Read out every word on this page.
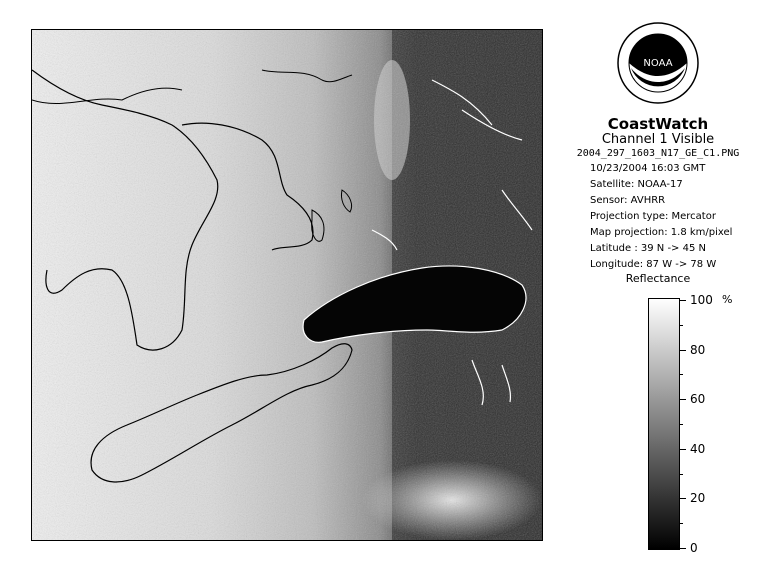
NOAA
CoastWatch
Channel 1 Visible
2004_297_1603_N17_GE_C1.PNG
10/23/2004 16:03 GMT
Satellite: NOAA-17
Sensor: AVHRR
Projection type: Mercator
Map projection: 1.8 km/pixel
Latitude : 39 N -> 45 N
Longitude: 87 W -> 78 W
Reflectance
%
100
80
60
40
20
0
